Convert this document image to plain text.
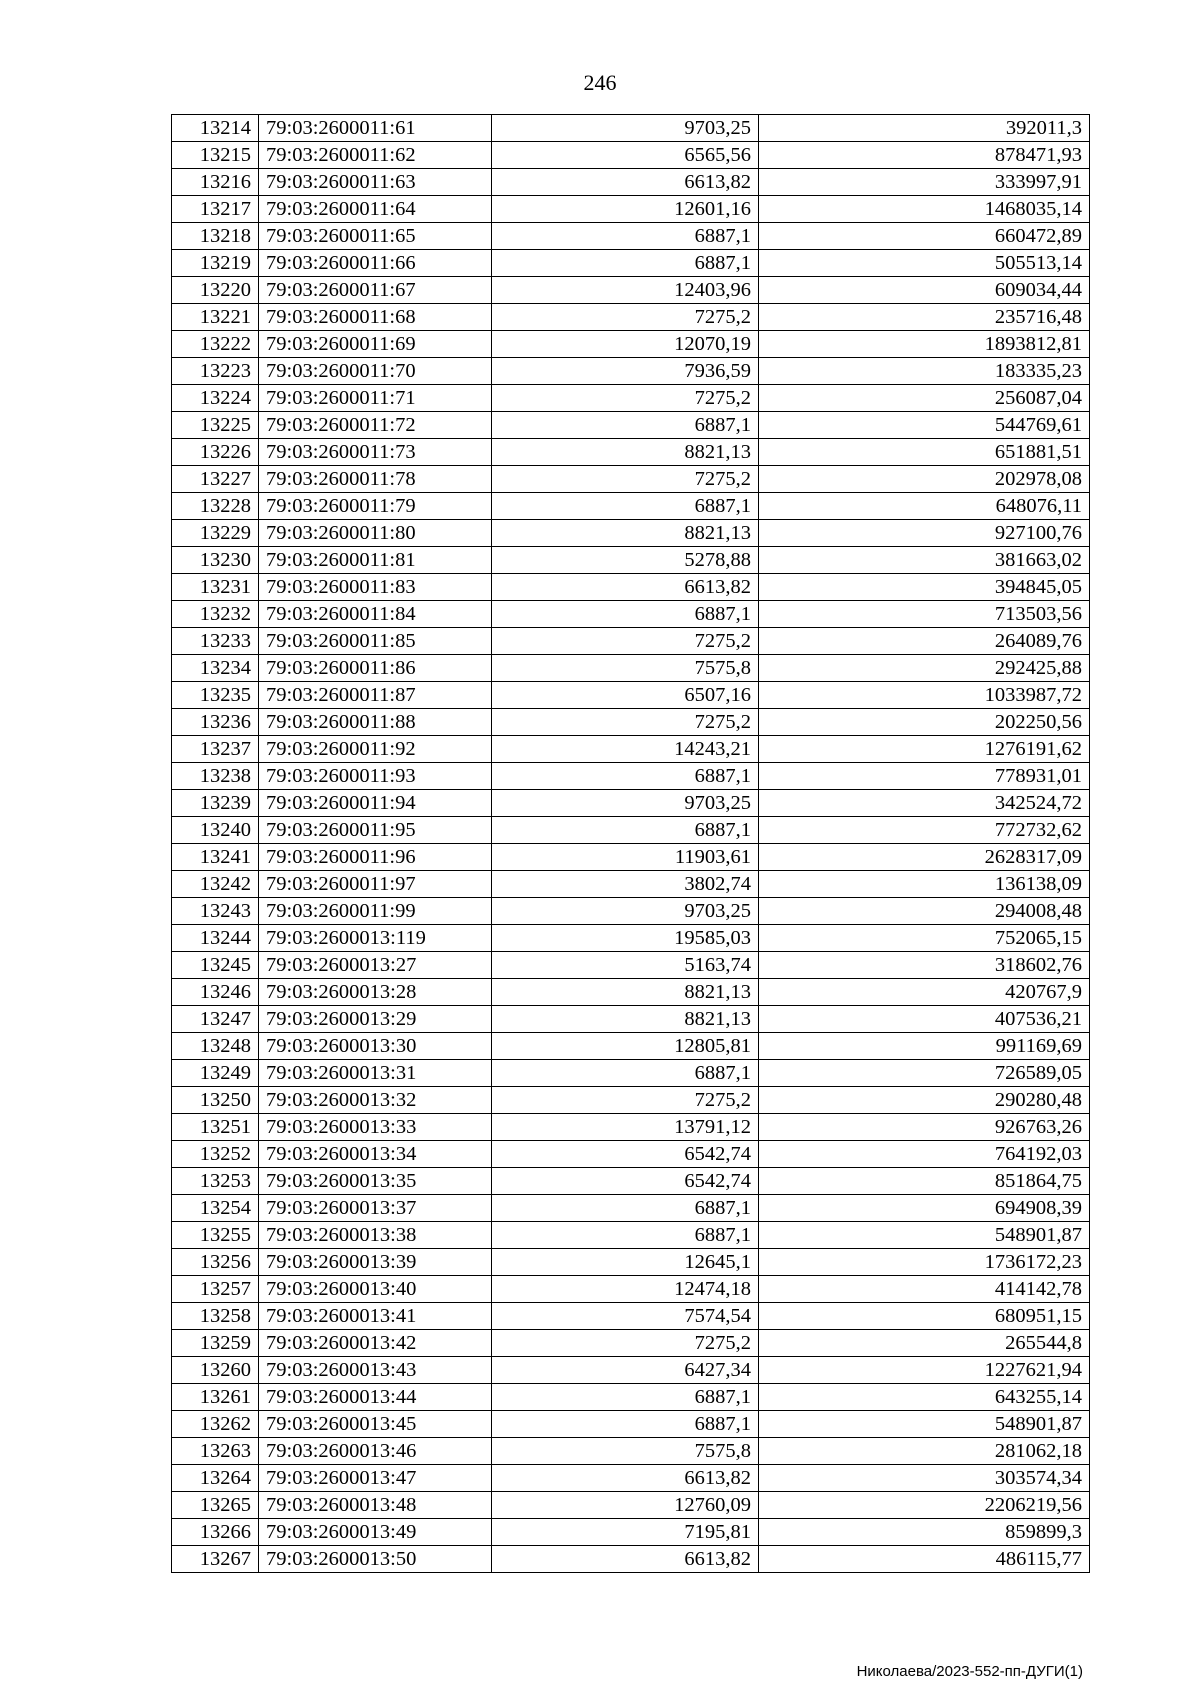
246
13214	79:03:2600011:61	9703,25	392011,3
13215	79:03:2600011:62	6565,56	878471,93
13216	79:03:2600011:63	6613,82	333997,91
13217	79:03:2600011:64	12601,16	1468035,14
13218	79:03:2600011:65	6887,1	660472,89
13219	79:03:2600011:66	6887,1	505513,14
13220	79:03:2600011:67	12403,96	609034,44
13221	79:03:2600011:68	7275,2	235716,48
13222	79:03:2600011:69	12070,19	1893812,81
13223	79:03:2600011:70	7936,59	183335,23
13224	79:03:2600011:71	7275,2	256087,04
13225	79:03:2600011:72	6887,1	544769,61
13226	79:03:2600011:73	8821,13	651881,51
13227	79:03:2600011:78	7275,2	202978,08
13228	79:03:2600011:79	6887,1	648076,11
13229	79:03:2600011:80	8821,13	927100,76
13230	79:03:2600011:81	5278,88	381663,02
13231	79:03:2600011:83	6613,82	394845,05
13232	79:03:2600011:84	6887,1	713503,56
13233	79:03:2600011:85	7275,2	264089,76
13234	79:03:2600011:86	7575,8	292425,88
13235	79:03:2600011:87	6507,16	1033987,72
13236	79:03:2600011:88	7275,2	202250,56
13237	79:03:2600011:92	14243,21	1276191,62
13238	79:03:2600011:93	6887,1	778931,01
13239	79:03:2600011:94	9703,25	342524,72
13240	79:03:2600011:95	6887,1	772732,62
13241	79:03:2600011:96	11903,61	2628317,09
13242	79:03:2600011:97	3802,74	136138,09
13243	79:03:2600011:99	9703,25	294008,48
13244	79:03:2600013:119	19585,03	752065,15
13245	79:03:2600013:27	5163,74	318602,76
13246	79:03:2600013:28	8821,13	420767,9
13247	79:03:2600013:29	8821,13	407536,21
13248	79:03:2600013:30	12805,81	991169,69
13249	79:03:2600013:31	6887,1	726589,05
13250	79:03:2600013:32	7275,2	290280,48
13251	79:03:2600013:33	13791,12	926763,26
13252	79:03:2600013:34	6542,74	764192,03
13253	79:03:2600013:35	6542,74	851864,75
13254	79:03:2600013:37	6887,1	694908,39
13255	79:03:2600013:38	6887,1	548901,87
13256	79:03:2600013:39	12645,1	1736172,23
13257	79:03:2600013:40	12474,18	414142,78
13258	79:03:2600013:41	7574,54	680951,15
13259	79:03:2600013:42	7275,2	265544,8
13260	79:03:2600013:43	6427,34	1227621,94
13261	79:03:2600013:44	6887,1	643255,14
13262	79:03:2600013:45	6887,1	548901,87
13263	79:03:2600013:46	7575,8	281062,18
13264	79:03:2600013:47	6613,82	303574,34
13265	79:03:2600013:48	12760,09	2206219,56
13266	79:03:2600013:49	7195,81	859899,3
13267	79:03:2600013:50	6613,82	486115,77
Николаева/2023-552-пп-ДУГИ(1)
